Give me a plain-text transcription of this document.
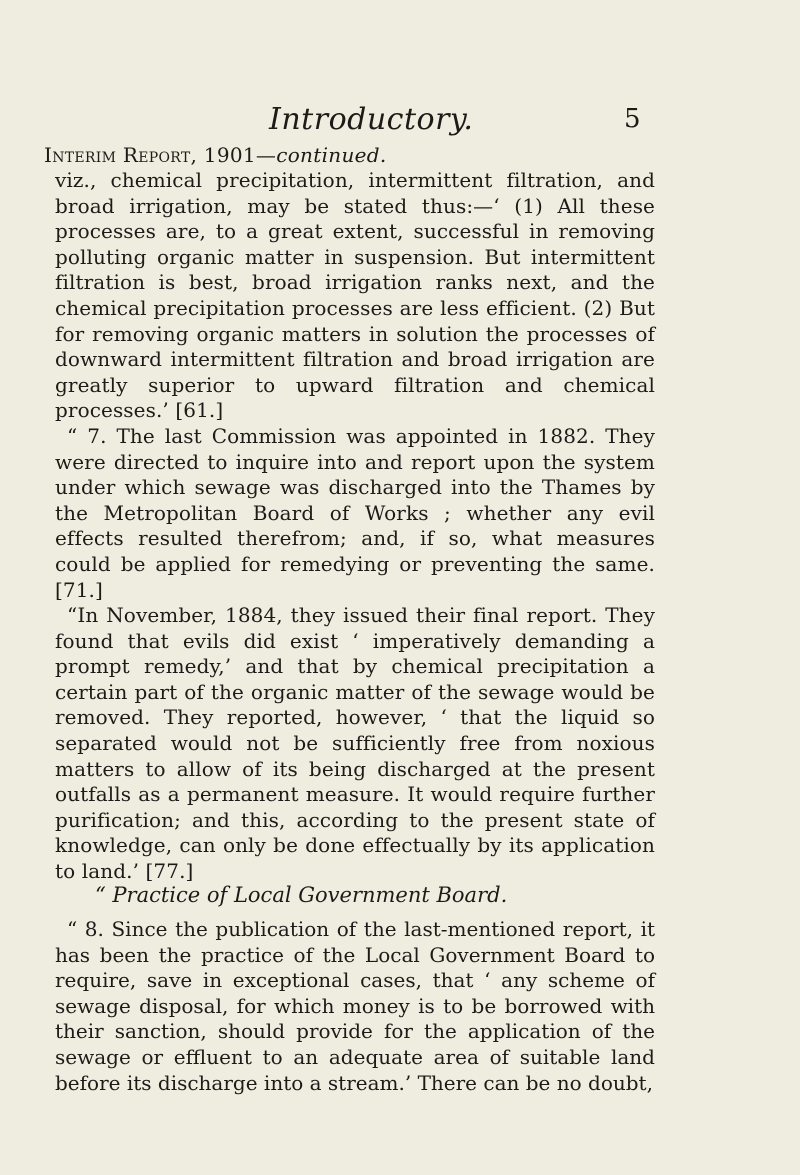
Introductory.	5
Interim Report, 1901—continued.

viz., chemical precipitation, intermittent filtration, and broad irrigation, may be stated thus:—‘ (1) All these processes are, to a great extent, successful in removing polluting organic matter in suspension. But intermittent filtration is best, broad irrigation ranks next, and the chemical precipitation processes are less efficient. (2) But for removing organic matters in solution the processes of downward intermittent filtration and broad irrigation are greatly superior to upward filtration and chemical processes.’ [61.]

“ 7. The last Commission was appointed in 1882. They were directed to inquire into and report upon the system under which sewage was discharged into the Thames by the Metropolitan Board of Works ; whether any evil effects resulted therefrom; and, if so, what measures could be applied for remedying or preventing the same. [71.]

“In November, 1884, they issued their final report. They found that evils did exist ‘ imperatively demanding a prompt remedy,’ and that by chemical precipitation a certain part of the organic matter of the sewage would be removed. They reported, however, ‘ that the liquid so separated would not be sufficiently free from noxious matters to allow of its being discharged at the present outfalls as a permanent measure. It would require further purification; and this, according to the present state of knowledge, can only be done effectually by its application to land.’ [77.]

“ Practice of Local Government Board.

“ 8. Since the publication of the last-mentioned report, it has been the practice of the Local Government Board to require, save in exceptional cases, that ‘ any scheme of sewage disposal, for which money is to be borrowed with their sanction, should provide for the application of the sewage or effluent to an adequate area of suitable land before its discharge into a stream.’ There can be no doubt,
